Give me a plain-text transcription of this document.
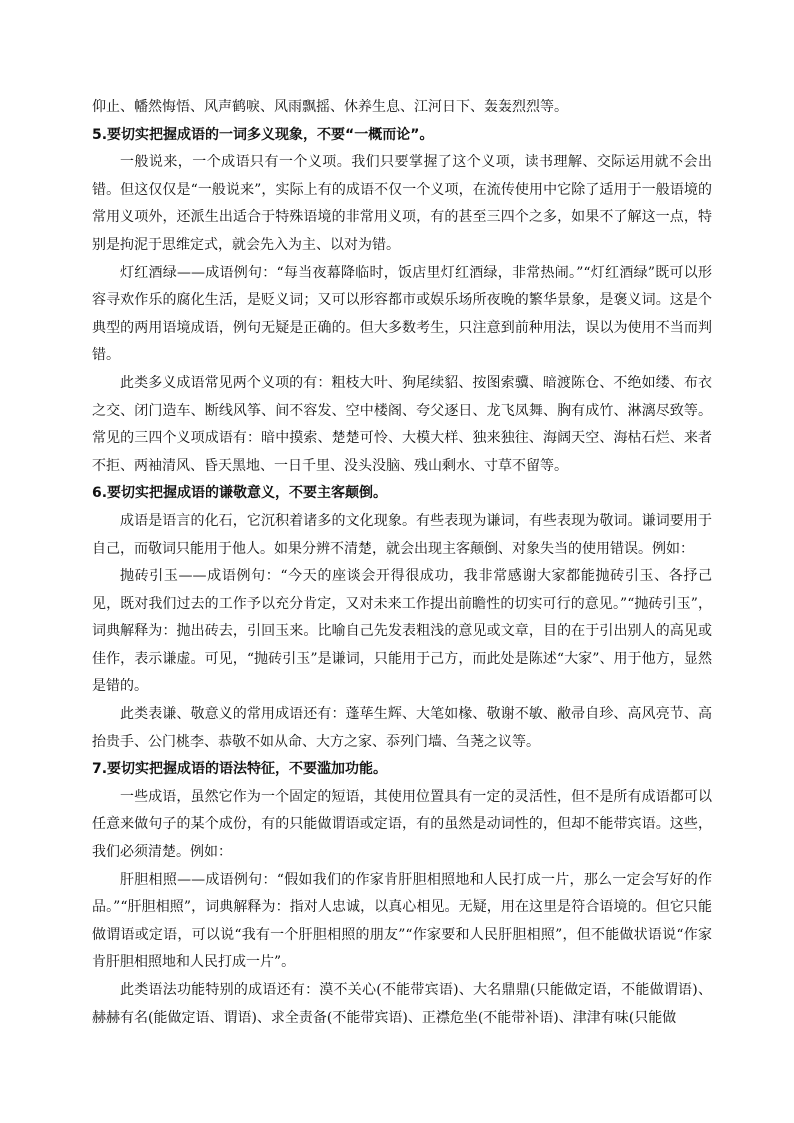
仰止、幡然悔悟、风声鹤唳、风雨飘摇、休养生息、江河日下、轰轰烈烈等。

5.要切实把握成语的一词多义现象，不要“一概而论”。

一般说来，一个成语只有一个义项。我们只要掌握了这个义项，读书理解、交际运用就不会出错。但这仅仅是“一般说来”，实际上有的成语不仅一个义项，在流传使用中它除了适用于一般语境的常用义项外，还派生出适合于特殊语境的非常用义项，有的甚至三四个之多，如果不了解这一点，特别是拘泥于思维定式，就会先入为主、以对为错。

灯红酒绿——成语例句：“每当夜幕降临时，饭店里灯红酒绿，非常热闹。”“灯红酒绿”既可以形容寻欢作乐的腐化生活，是贬义词；又可以形容都市或娱乐场所夜晚的繁华景象，是褒义词。这是个典型的两用语境成语，例句无疑是正确的。但大多数考生，只注意到前种用法，误以为使用不当而判错。

此类多义成语常见两个义项的有：粗枝大叶、狗尾续貂、按图索骥、暗渡陈仓、不绝如缕、布衣之交、闭门造车、断线风筝、间不容发、空中楼阁、夸父逐日、龙飞凤舞、胸有成竹、淋漓尽致等。常见的三四个义项成语有：暗中摸索、楚楚可怜、大模大样、独来独往、海阔天空、海枯石烂、来者不拒、两袖清风、昏天黑地、一日千里、没头没脑、残山剩水、寸草不留等。

6.要切实把握成语的谦敬意义，不要主客颠倒。

成语是语言的化石，它沉积着诸多的文化现象。有些表现为谦词，有些表现为敬词。谦词要用于自己，而敬词只能用于他人。如果分辨不清楚，就会出现主客颠倒、对象失当的使用错误。例如：

抛砖引玉——成语例句：“今天的座谈会开得很成功，我非常感谢大家都能抛砖引玉、各抒己见，既对我们过去的工作予以充分肯定，又对未来工作提出前瞻性的切实可行的意见。”“抛砖引玉”，词典解释为：抛出砖去，引回玉来。比喻自己先发表粗浅的意见或文章，目的在于引出别人的高见或佳作，表示谦虚。可见，“抛砖引玉”是谦词，只能用于己方，而此处是陈述“大家”、用于他方，显然是错的。

此类表谦、敬意义的常用成语还有：蓬荜生辉、大笔如椽、敬谢不敏、敝帚自珍、高风亮节、高抬贵手、公门桃李、恭敬不如从命、大方之家、忝列门墙、刍荛之议等。

7.要切实把握成语的语法特征，不要滥加功能。

一些成语，虽然它作为一个固定的短语，其使用位置具有一定的灵活性，但不是所有成语都可以任意来做句子的某个成份，有的只能做谓语或定语，有的虽然是动词性的，但却不能带宾语。这些，我们必须清楚。例如：

肝胆相照——成语例句：“假如我们的作家肯肝胆相照地和人民打成一片，那么一定会写好的作品。”“肝胆相照”，词典解释为：指对人忠诚，以真心相见。无疑，用在这里是符合语境的。但它只能做谓语或定语，可以说“我有一个肝胆相照的朋友”“作家要和人民肝胆相照”，但不能做状语说“作家肯肝胆相照地和人民打成一片”。

此类语法功能特别的成语还有：漠不关心(不能带宾语)、大名鼎鼎(只能做定语，不能做谓语)、赫赫有名(能做定语、谓语)、求全责备(不能带宾语)、正襟危坐(不能带补语)、津津有味(只能做
